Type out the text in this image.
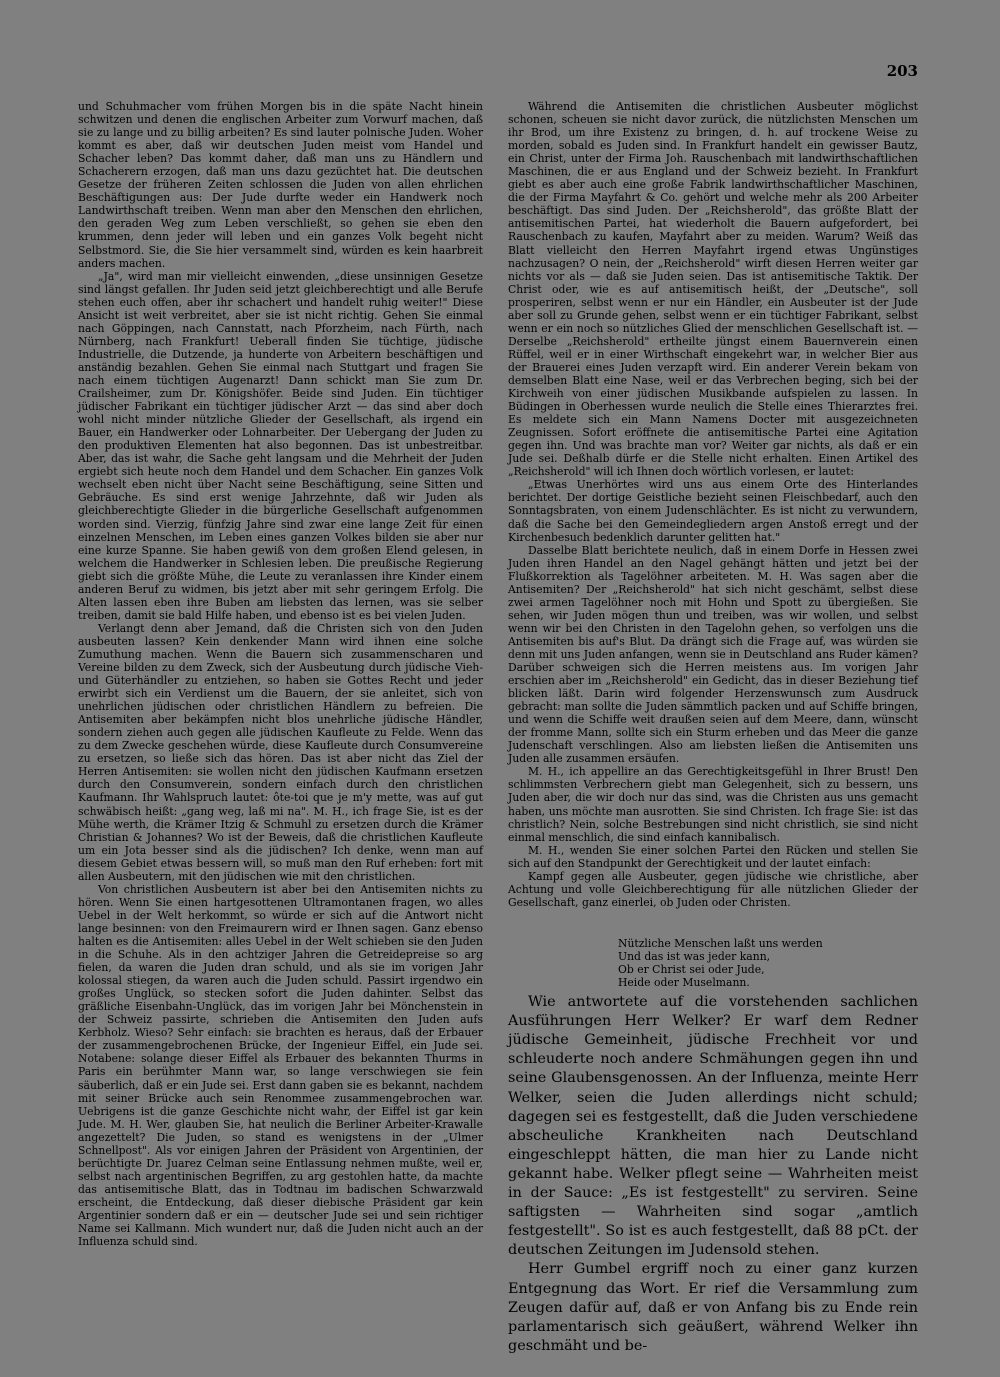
203

und Schuhmacher vom frühen Morgen bis in die späte Nacht hinein schwitzen und denen die englischen Arbeiter zum Vorwurf machen, daß sie zu lange und zu billig arbeiten? Es sind lauter polnische Juden. Woher kommt es aber, daß wir deutschen Juden meist vom Handel und Schacher leben? Das kommt daher, daß man uns zu Händlern und Schacherern erzogen, daß man uns dazu gezüchtet hat. Die deutschen Gesetze der früheren Zeiten schlossen die Juden von allen ehrlichen Beschäftigungen aus: Der Jude durfte weder ein Handwerk noch Landwirthschaft treiben. Wenn man aber den Menschen den ehrlichen, den geraden Weg zum Leben verschließt, so gehen sie eben den krummen, denn jeder will leben und ein ganzes Volk begeht nicht Selbstmord. Sie, die Sie hier versammelt sind, würden es kein haarbreit anders machen.

„Ja", wird man mir vielleicht einwenden, „diese unsinnigen Gesetze sind längst gefallen. Ihr Juden seid jetzt gleichberechtigt und alle Berufe stehen euch offen, aber ihr schachert und handelt ruhig weiter!" Diese Ansicht ist weit verbreitet, aber sie ist nicht richtig. Gehen Sie einmal nach Göppingen, nach Cannstatt, nach Pforzheim, nach Fürth, nach Nürnberg, nach Frankfurt! Ueberall finden Sie tüchtige, jüdische Industrielle, die Dutzende, ja hunderte von Arbeitern beschäftigen und anständig bezahlen. Gehen Sie einmal nach Stuttgart und fragen Sie nach einem tüchtigen Augenarzt! Dann schickt man Sie zum Dr. Crailsheimer, zum Dr. Königshöfer. Beide sind Juden. Ein tüchtiger jüdischer Fabrikant ein tüchtiger jüdischer Arzt — das sind aber doch wohl nicht minder nützliche Glieder der Gesellschaft, als irgend ein Bauer, ein Handwerker oder Lohnarbeiter. Der Uebergang der Juden zu den produktiven Elementen hat also begonnen. Das ist unbestreitbar. Aber, das ist wahr, die Sache geht langsam und die Mehrheit der Juden ergiebt sich heute noch dem Handel und dem Schacher. Ein ganzes Volk wechselt eben nicht über Nacht seine Beschäftigung, seine Sitten und Gebräuche. Es sind erst wenige Jahrzehnte, daß wir Juden als gleichberechtigte Glieder in die bürgerliche Gesellschaft aufgenommen worden sind. Vierzig, fünfzig Jahre sind zwar eine lange Zeit für einen einzelnen Menschen, im Leben eines ganzen Volkes bilden sie aber nur eine kurze Spanne. Sie haben gewiß von dem großen Elend gelesen, in welchem die Handwerker in Schlesien leben. Die preußische Regierung giebt sich die größte Mühe, die Leute zu veranlassen ihre Kinder einem anderen Beruf zu widmen, bis jetzt aber mit sehr geringem Erfolg. Die Alten lassen eben ihre Buben am liebsten das lernen, was sie selber treiben, damit sie bald Hilfe haben, und ebenso ist es bei vielen Juden.

Verlangt denn aber Jemand, daß die Christen sich von den Juden ausbeuten lassen? Kein denkender Mann wird ihnen eine solche Zumuthung machen. Wenn die Bauern sich zusammenscharen und Vereine bilden zu dem Zweck, sich der Ausbeutung durch jüdische Vieh- und Güterhändler zu entziehen, so haben sie Gottes Recht und jeder erwirbt sich ein Verdienst um die Bauern, der sie anleitet, sich von unehrlichen jüdischen oder christlichen Händlern zu befreien. Die Antisemiten aber bekämpfen nicht blos unehrliche jüdische Händler, sondern ziehen auch gegen alle jüdischen Kaufleute zu Felde. Wenn das zu dem Zwecke geschehen würde, diese Kaufleute durch Consumvereine zu ersetzen, so ließe sich das hören. Das ist aber nicht das Ziel der Herren Antisemiten: sie wollen nicht den jüdischen Kaufmann ersetzen durch den Consumverein, sondern einfach durch den christlichen Kaufmann. Ihr Wahlspruch lautet: ôte-toi que je m'y mette, was auf gut schwäbisch heißt: „gang weg, laß mi na". M. H., ich frage Sie, ist es der Mühe werth, die Krämer Itzig & Schmuhl zu ersetzen durch die Krämer Christian & Johannes? Wo ist der Beweis, daß die christlichen Kaufleute um ein Jota besser sind als die jüdischen? Ich denke, wenn man auf diesem Gebiet etwas bessern will, so muß man den Ruf erheben: fort mit allen Ausbeutern, mit den jüdischen wie mit den christlichen.

Von christlichen Ausbeutern ist aber bei den Antisemiten nichts zu hören. Wenn Sie einen hartgesottenen Ultramontanen fragen, wo alles Uebel in der Welt herkommt, so würde er sich auf die Antwort nicht lange besinnen: von den Freimaurern wird er Ihnen sagen. Ganz ebenso halten es die Antisemiten: alles Uebel in der Welt schieben sie den Juden in die Schuhe. Als in den achtziger Jahren die Getreidepreise so arg fielen, da waren die Juden dran schuld, und als sie im vorigen Jahr kolossal stiegen, da waren auch die Juden schuld. Passirt irgendwo ein großes Unglück, so stecken sofort die Juden dahinter. Selbst das gräßliche Eisenbahn-Unglück, das im vorigen Jahr bei Mönchenstein in der Schweiz passirte, schrieben die Antisemiten den Juden aufs Kerbholz. Wieso? Sehr einfach: sie brachten es heraus, daß der Erbauer der zusammengebrochenen Brücke, der Ingenieur Eiffel, ein Jude sei. Notabene: solange dieser Eiffel als Erbauer des bekannten Thurms in Paris ein berühmter Mann war, so lange verschwiegen sie fein säuberlich, daß er ein Jude sei. Erst dann gaben sie es bekannt, nachdem mit seiner Brücke auch sein Renommee zusammengebrochen war. Uebrigens ist die ganze Geschichte nicht wahr, der Eiffel ist gar kein Jude. M. H. Wer, glauben Sie, hat neulich die Berliner Arbeiter-Krawalle angezettelt? Die Juden, so stand es wenigstens in der „Ulmer Schnellpost". Als vor einigen Jahren der Präsident von Argentinien, der berüchtigte Dr. Juarez Celman seine Entlassung nehmen mußte, weil er, selbst nach argentinischen Begriffen, zu arg gestohlen hatte, da machte das antisemitische Blatt, das in Todtnau im badischen Schwarzwald erscheint, die Entdeckung, daß dieser diebische Präsident gar kein Argentinier sondern daß er ein — deutscher Jude sei und sein richtiger Name sei Kallmann. Mich wundert nur, daß die Juden nicht auch an der Influenza schuld sind.

Während die Antisemiten die christlichen Ausbeuter möglichst schonen, scheuen sie nicht davor zurück, die nützlichsten Menschen um ihr Brod, um ihre Existenz zu bringen, d. h. auf trockene Weise zu morden, sobald es Juden sind. In Frankfurt handelt ein gewisser Bautz, ein Christ, unter der Firma Joh. Rauschenbach mit landwirthschaftlichen Maschinen, die er aus England und der Schweiz bezieht. In Frankfurt giebt es aber auch eine große Fabrik landwirthschaftlicher Maschinen, die der Firma Mayfahrt & Co. gehört und welche mehr als 200 Arbeiter beschäftigt. Das sind Juden. Der „Reichsherold", das größte Blatt der antisemitischen Partei, hat wiederholt die Bauern aufgefordert, bei Rauschenbach zu kaufen, Mayfahrt aber zu meiden. Warum? Weiß das Blatt vielleicht den Herren Mayfahrt irgend etwas Ungünstiges nachzusagen? O nein, der „Reichsherold" wirft diesen Herren weiter gar nichts vor als — daß sie Juden seien. Das ist antisemitische Taktik. Der Christ oder, wie es auf antisemitisch heißt, der „Deutsche", soll prosperiren, selbst wenn er nur ein Händler, ein Ausbeuter ist der Jude aber soll zu Grunde gehen, selbst wenn er ein tüchtiger Fabrikant, selbst wenn er ein noch so nützliches Glied der menschlichen Gesellschaft ist. — Derselbe „Reichsherold" ertheilte jüngst einem Bauernverein einen Rüffel, weil er in einer Wirthschaft eingekehrt war, in welcher Bier aus der Brauerei eines Juden verzapft wird. Ein anderer Verein bekam von demselben Blatt eine Nase, weil er das Verbrechen beging, sich bei der Kirchweih von einer jüdischen Musikbande aufspielen zu lassen. In Büdingen in Oberhessen wurde neulich die Stelle eines Thierarztes frei. Es meldete sich ein Mann Namens Docter mit ausgezeichneten Zeugnissen. Sofort eröffnete die antisemitische Partei eine Agitation gegen ihn. Und was brachte man vor? Weiter gar nichts, als daß er ein Jude sei. Deßhalb dürfe er die Stelle nicht erhalten. Einen Artikel des „Reichsherold" will ich Ihnen doch wörtlich vorlesen, er lautet:

„Etwas Unerhörtes wird uns aus einem Orte des Hinterlandes berichtet. Der dortige Geistliche bezieht seinen Fleischbedarf, auch den Sonntagsbraten, von einem Judenschlächter. Es ist nicht zu verwundern, daß die Sache bei den Gemeindegliedern argen Anstoß erregt und der Kirchenbesuch bedenklich darunter gelitten hat."

Dasselbe Blatt berichtete neulich, daß in einem Dorfe in Hessen zwei Juden ihren Handel an den Nagel gehängt hätten und jetzt bei der Flußkorrektion als Tagelöhner arbeiteten. M. H. Was sagen aber die Antisemiten? Der „Reichsherold" hat sich nicht geschämt, selbst diese zwei armen Tagelöhner noch mit Hohn und Spott zu übergießen. Sie sehen, wir Juden mögen thun und treiben, was wir wollen, und selbst wenn wir bei den Christen in den Tagelohn gehen, so verfolgen uns die Antisemiten bis auf's Blut. Da drängt sich die Frage auf, was würden sie denn mit uns Juden anfangen, wenn sie in Deutschland ans Ruder kämen? Darüber schweigen sich die Herren meistens aus. Im vorigen Jahr erschien aber im „Reichsherold" ein Gedicht, das in dieser Beziehung tief blicken läßt. Darin wird folgender Herzenswunsch zum Ausdruck gebracht: man sollte die Juden sämmtlich packen und auf Schiffe bringen, und wenn die Schiffe weit draußen seien auf dem Meere, dann, wünscht der fromme Mann, sollte sich ein Sturm erheben und das Meer die ganze Judenschaft verschlingen. Also am liebsten ließen die Antisemiten uns Juden alle zusammen ersäufen.

M. H., ich appellire an das Gerechtigkeitsgefühl in Ihrer Brust! Den schlimmsten Verbrechern giebt man Gelegenheit, sich zu bessern, uns Juden aber, die wir doch nur das sind, was die Christen aus uns gemacht haben, uns möchte man ausrotten. Sie sind Christen. Ich frage Sie: ist das christlich? Nein, solche Bestrebungen sind nicht christlich, sie sind nicht einmal menschlich, die sind einfach kannibalisch.

M. H., wenden Sie einer solchen Partei den Rücken und stellen Sie sich auf den Standpunkt der Gerechtigkeit und der lautet einfach:

Kampf gegen alle Ausbeuter, gegen jüdische wie christliche, aber Achtung und volle Gleichberechtigung für alle nützlichen Glieder der Gesellschaft, ganz einerlei, ob Juden oder Christen.

Nützliche Menschen laßt uns werden
Und das ist was jeder kann,
Ob er Christ sei oder Jude,
Heide oder Muselmann.

Wie antwortete auf die vorstehenden sachlichen Ausführungen Herr Welker? Er warf dem Redner jüdische Gemeinheit, jüdische Frechheit vor und schleuderte noch andere Schmähungen gegen ihn und seine Glaubensgenossen. An der Influenza, meinte Herr Welker, seien die Juden allerdings nicht schuld; dagegen sei es festgestellt, daß die Juden verschiedene abscheuliche Krankheiten nach Deutschland eingeschleppt hätten, die man hier zu Lande nicht gekannt habe. Welker pflegt seine — Wahrheiten meist in der Sauce: „Es ist festgestellt" zu serviren. Seine saftigsten — Wahrheiten sind sogar „amtlich festgestellt". So ist es auch festgestellt, daß 88 pCt. der deutschen Zeitungen im Judensold stehen.

Herr Gumbel ergriff noch zu einer ganz kurzen Entgegnung das Wort. Er rief die Versammlung zum Zeugen dafür auf, daß er von Anfang bis zu Ende rein parlamentarisch sich geäußert, während Welker ihn geschmäht und be-
